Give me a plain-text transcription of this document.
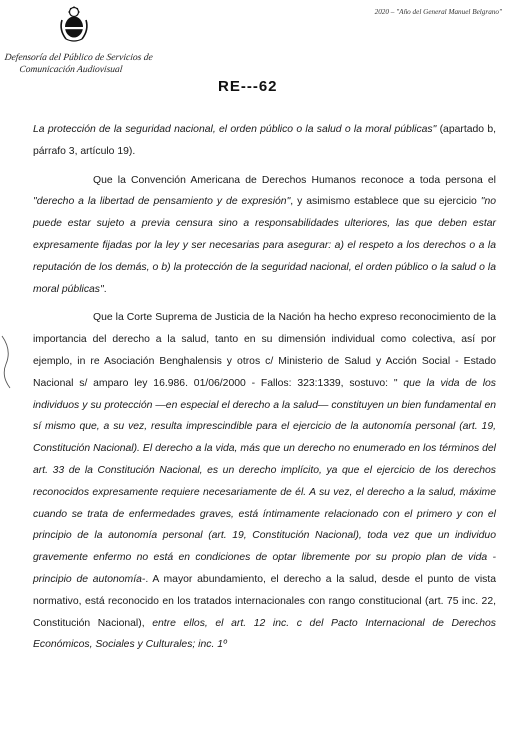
Defensoría del Público de Servicios de
Comunicación Audiovisual
2020 – "Año del General Manuel Belgrano"
RE---62

La protección de la seguridad nacional, el orden público o la salud o la moral públicas" (apartado b, párrafo 3, artículo 19).

Que la Convención Americana de Derechos Humanos reconoce a toda persona el "derecho a la libertad de pensamiento y de expresión", y asimismo establece que su ejercicio "no puede estar sujeto a previa censura sino a responsabilidades ulteriores, las que deben estar expresamente fijadas por la ley y ser necesarias para asegurar: a) el respeto a los derechos o a la reputación de los demás, o b) la protección de la seguridad nacional, el orden público o la salud o la moral públicas".

Que la Corte Suprema de Justicia de la Nación ha hecho expreso reconocimiento de la importancia del derecho a la salud, tanto en su dimensión individual como colectiva, así por ejemplo, in re Asociación Benghalensis y otros c/ Ministerio de Salud y Acción Social - Estado Nacional s/ amparo ley 16.986. 01/06/2000 - Fallos: 323:1339, sostuvo: " que la vida de los individuos y su protección —en especial el derecho a la salud— constituyen un bien fundamental en sí mismo que, a su vez, resulta imprescindible para el ejercicio de la autonomía personal (art. 19, Constitución Nacional). El derecho a la vida, más que un derecho no enumerado en los términos del art. 33 de la Constitución Nacional, es un derecho implícito, ya que el ejercicio de los derechos reconocidos expresamente requiere necesariamente de él. A su vez, el derecho a la salud, máxime cuando se trata de enfermedades graves, está íntimamente relacionado con el primero y con el principio de la autonomía personal (art. 19, Constitución Nacional), toda vez que un individuo gravemente enfermo no está en condiciones de optar libremente por su propio plan de vida -principio de autonomía-. A mayor abundamiento, el derecho a la salud, desde el punto de vista normativo, está reconocido en los tratados internacionales con rango constitucional (art. 75 inc. 22, Constitución Nacional), entre ellos, el art. 12 inc. c del Pacto Internacional de Derechos Económicos, Sociales y Culturales; inc. 1º
